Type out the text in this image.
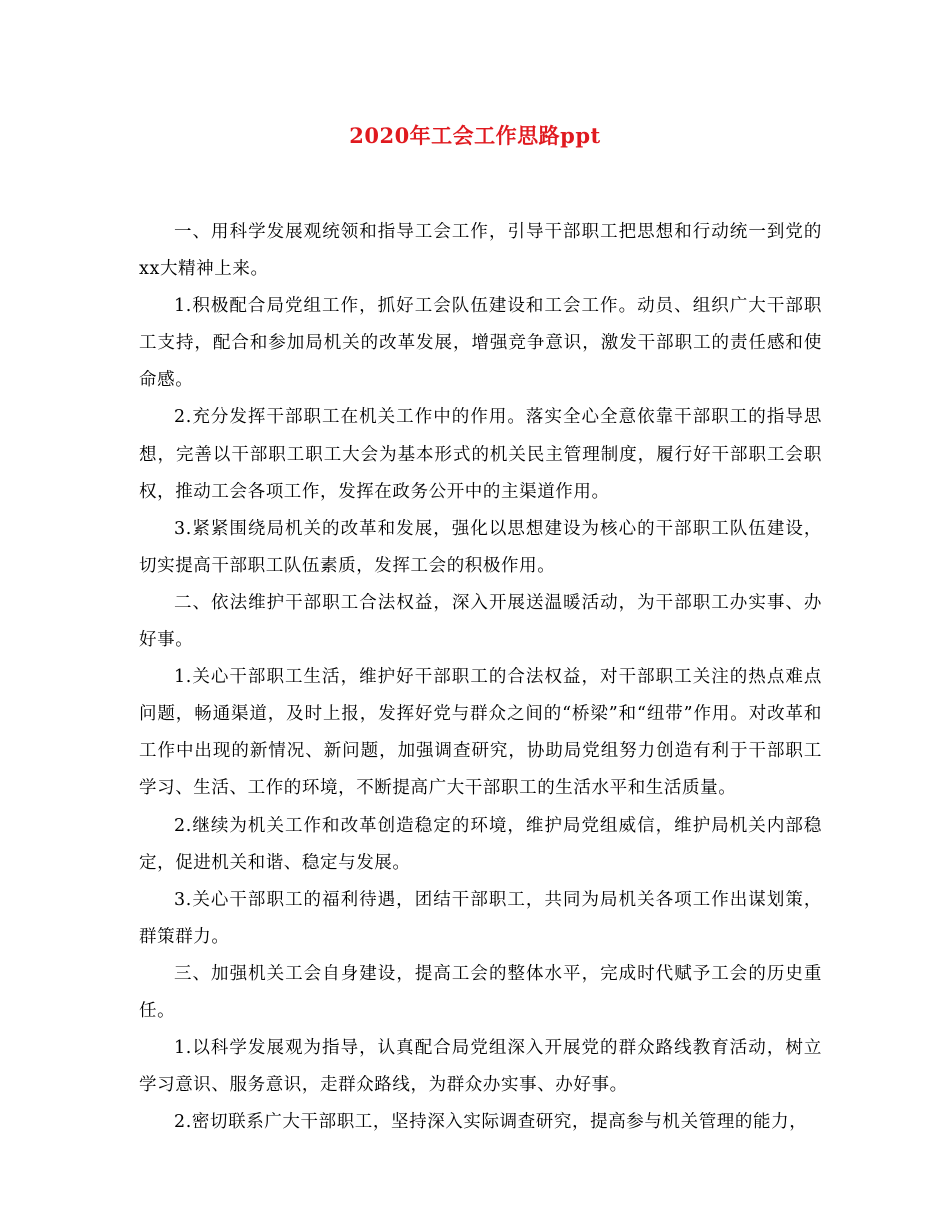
2020年工会工作思路ppt

一、用科学发展观统领和指导工会工作，引导干部职工把思想和行动统一到党的xx大精神上来。

1.积极配合局党组工作，抓好工会队伍建设和工会工作。动员、组织广大干部职工支持，配合和参加局机关的改革发展，增强竞争意识，激发干部职工的责任感和使命感。

2.充分发挥干部职工在机关工作中的作用。落实全心全意依靠干部职工的指导思想，完善以干部职工职工大会为基本形式的机关民主管理制度，履行好干部职工会职权，推动工会各项工作，发挥在政务公开中的主渠道作用。

3.紧紧围绕局机关的改革和发展，强化以思想建设为核心的干部职工队伍建设，切实提高干部职工队伍素质，发挥工会的积极作用。

二、依法维护干部职工合法权益，深入开展送温暖活动，为干部职工办实事、办好事。

1.关心干部职工生活，维护好干部职工的合法权益，对干部职工关注的热点难点问题，畅通渠道，及时上报，发挥好党与群众之间的“桥梁”和“纽带”作用。对改革和工作中出现的新情况、新问题，加强调查研究，协助局党组努力创造有利于干部职工学习、生活、工作的环境，不断提高广大干部职工的生活水平和生活质量。

2.继续为机关工作和改革创造稳定的环境，维护局党组威信，维护局机关内部稳定，促进机关和谐、稳定与发展。

3.关心干部职工的福利待遇，团结干部职工，共同为局机关各项工作出谋划策，群策群力。

三、加强机关工会自身建设，提高工会的整体水平，完成时代赋予工会的历史重任。

1.以科学发展观为指导，认真配合局党组深入开展党的群众路线教育活动，树立学习意识、服务意识，走群众路线，为群众办实事、办好事。

2.密切联系广大干部职工，坚持深入实际调查研究，提高参与机关管理的能力，
